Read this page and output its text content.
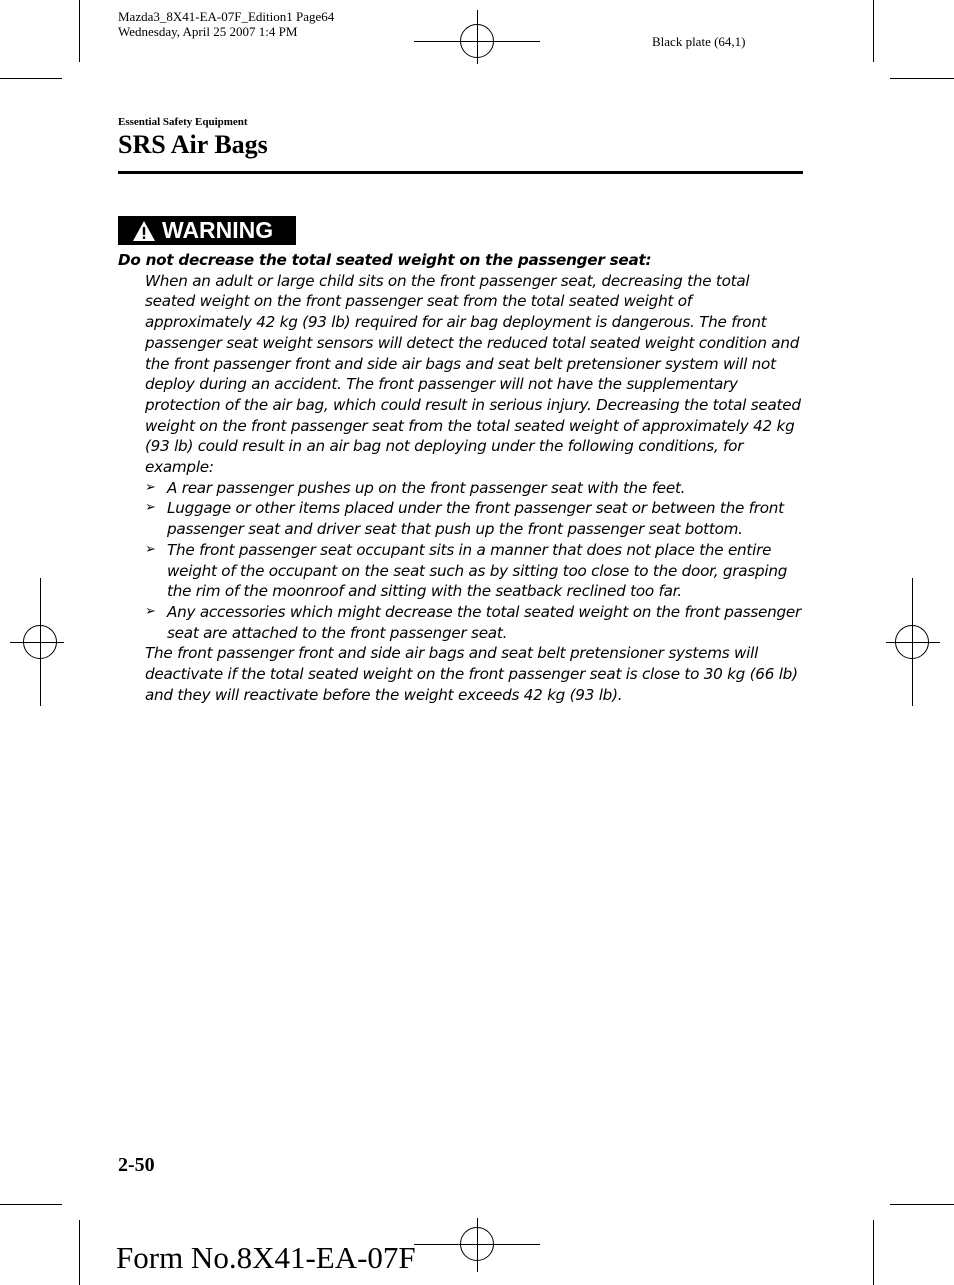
Mazda3_8X41-EA-07F_Edition1 Page64
Wednesday, April 25 2007 1:4 PM
Black plate (64,1)
Essential Safety Equipment
SRS Air Bags
WARNING

Do not decrease the total seated weight on the passenger seat:

When an adult or large child sits on the front passenger seat, decreasing the total seated weight on the front passenger seat from the total seated weight of approximately 42 kg (93 lb) required for air bag deployment is dangerous. The front passenger seat weight sensors will detect the reduced total seated weight condition and the front passenger front and side air bags and seat belt pretensioner system will not deploy during an accident. The front passenger will not have the supplementary protection of the air bag, which could result in serious injury. Decreasing the total seated weight on the front passenger seat from the total seated weight of approximately 42 kg (93 lb) could result in an air bag not deploying under the following conditions, for example:

➢ A rear passenger pushes up on the front passenger seat with the feet.
➢ Luggage or other items placed under the front passenger seat or between the front passenger seat and driver seat that push up the front passenger seat bottom.
➢ The front passenger seat occupant sits in a manner that does not place the entire weight of the occupant on the seat such as by sitting too close to the door, grasping the rim of the moonroof and sitting with the seatback reclined too far.
➢ Any accessories which might decrease the total seated weight on the front passenger seat are attached to the front passenger seat.

The front passenger front and side air bags and seat belt pretensioner systems will deactivate if the total seated weight on the front passenger seat is close to 30 kg (66 lb) and they will reactivate before the weight exceeds 42 kg (93 lb).

2-50
Form No.8X41-EA-07F
